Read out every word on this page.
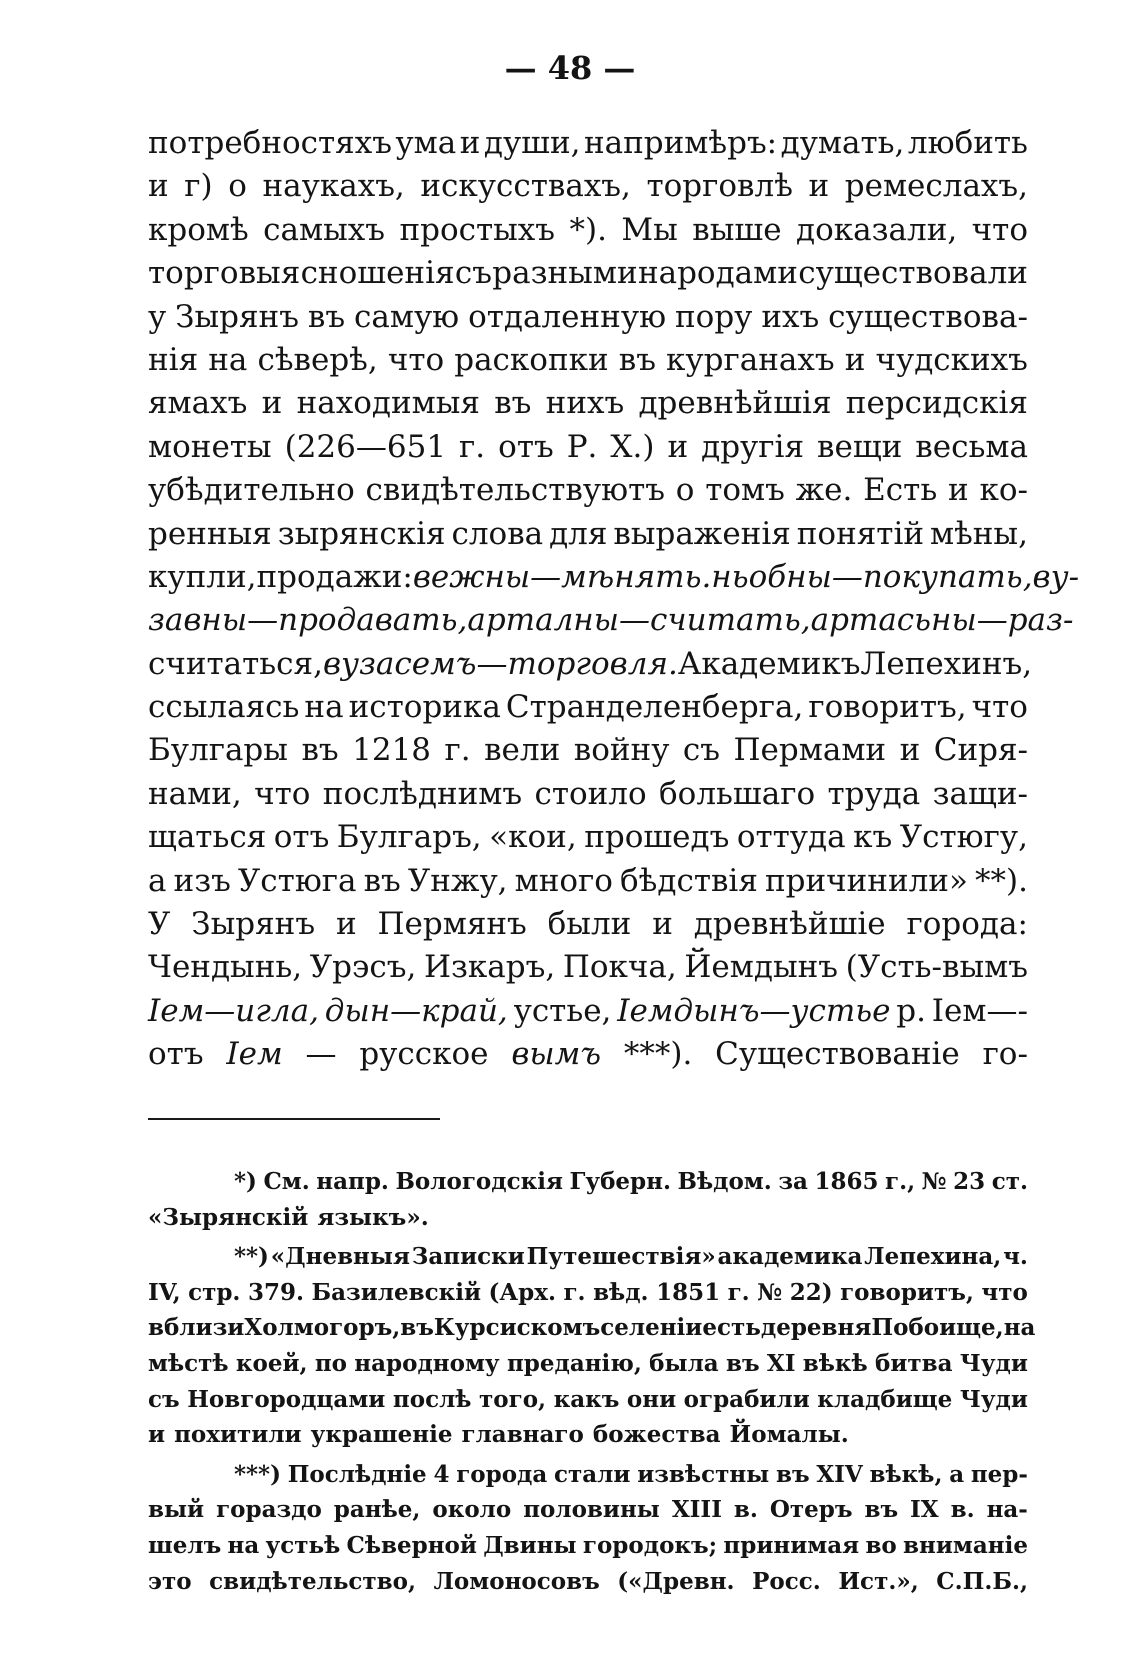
— 48 —
потребностяхъ ума и души, напримѣръ: думать, любить
и г) о наукахъ, искусствахъ, торговлѣ и ремеслахъ,
кромѣ самыхъ простыхъ *). Мы выше доказали, что
торговыя сношенія съ разными народами существовали
у Зырянъ въ самую отдаленную пору ихъ существова-
нія на сѣверѣ, что раскопки въ курганахъ и чудскихъ
ямахъ и находимыя въ нихъ древнѣйшія персидскія
монеты (226—651 г. отъ Р. Х.) и другія вещи весьма
убѣдительно свидѣтельствуютъ о томъ же. Есть и ко-
ренныя зырянскія слова для выраженія понятій мѣны,
купли, продажи: вежны—мѣнять. ньобны—покупать, ву-
завны—продавать, арталны—считать, артасьны—раз-
считаться, вузасемъ—торговля. Академикъ Лепехинъ,
ссылаясь на историка Странделенберга, говоритъ, что
Булгары въ 1218 г. вели войну съ Пермами и Сиря-
нами, что послѣднимъ стоило большаго труда защи-
щаться отъ Булгаръ, «кои, прошедъ оттуда къ Устюгу,
а изъ Устюга въ Унжу, много бѣдствія причинили» **).
У Зырянъ и Пермянъ были и древнѣйшіе города:
Чендынь, Урэсъ, Изкаръ, Покча, Йемдынъ (Усть-вымъ
Іем—игла, дын—край, устье, Іемдынъ—устье р. Іем—-
отъ Іем — русское вымъ ***). Существованіе го-
*) См. напр. Вологодскія Губерн. Вѣдом. за 1865 г., № 23 ст.
«Зырянскій языкъ».
**) «Дневныя Записки Путешествія» академика Лепехина, ч.
IV, стр. 379. Базилевскій (Арх. г. вѣд. 1851 г. № 22) говоритъ, что
вблизи Холмогоръ, въ Курсискомъ селеніи есть деревня Побоище, на
мѣстѣ коей, по народному преданію, была въ XI вѣкѣ битва Чуди
съ Новгородцами послѣ того, какъ они ограбили кладбище Чуди
и похитили украшеніе главнаго божества Йомалы.
***) Послѣдніе 4 города стали извѣстны въ XIV вѣкѣ, а пер-
вый гораздо ранѣе, около половины XIII в. Отеръ въ IX в. на-
шелъ на устьѣ Сѣверной Двины городокъ; принимая во вниманіе
это свидѣтельство, Ломоносовъ («Древн. Росс. Ист.», С.П.Б.,
